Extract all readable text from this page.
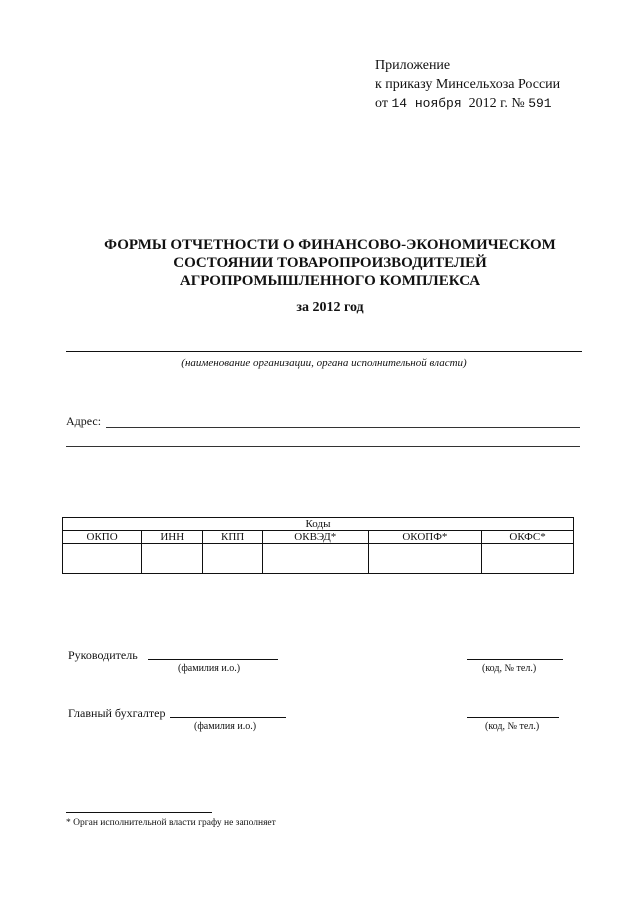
Приложение
к приказу Минсельхоза России
от 14 ноября 2012 г. № 591
ФОРМЫ ОТЧЕТНОСТИ О ФИНАНСОВО-ЭКОНОМИЧЕСКОМ
СОСТОЯНИИ ТОВАРОПРОИЗВОДИТЕЛЕЙ
АГРОПРОМЫШЛЕННОГО КОМПЛЕКСА
за 2012 год
(наименование организации, органа исполнительной власти)
Адрес:
Коды					
ОКПО	ИНН	КПП	ОКВЭД*	ОКОПФ*	ОКФС*

Руководитель
(фамилия и.о.)	(код, № тел.)
Главный бухгалтер
(фамилия и.о.)	(код, № тел.)
* Орган исполнительной власти графу не заполняет
